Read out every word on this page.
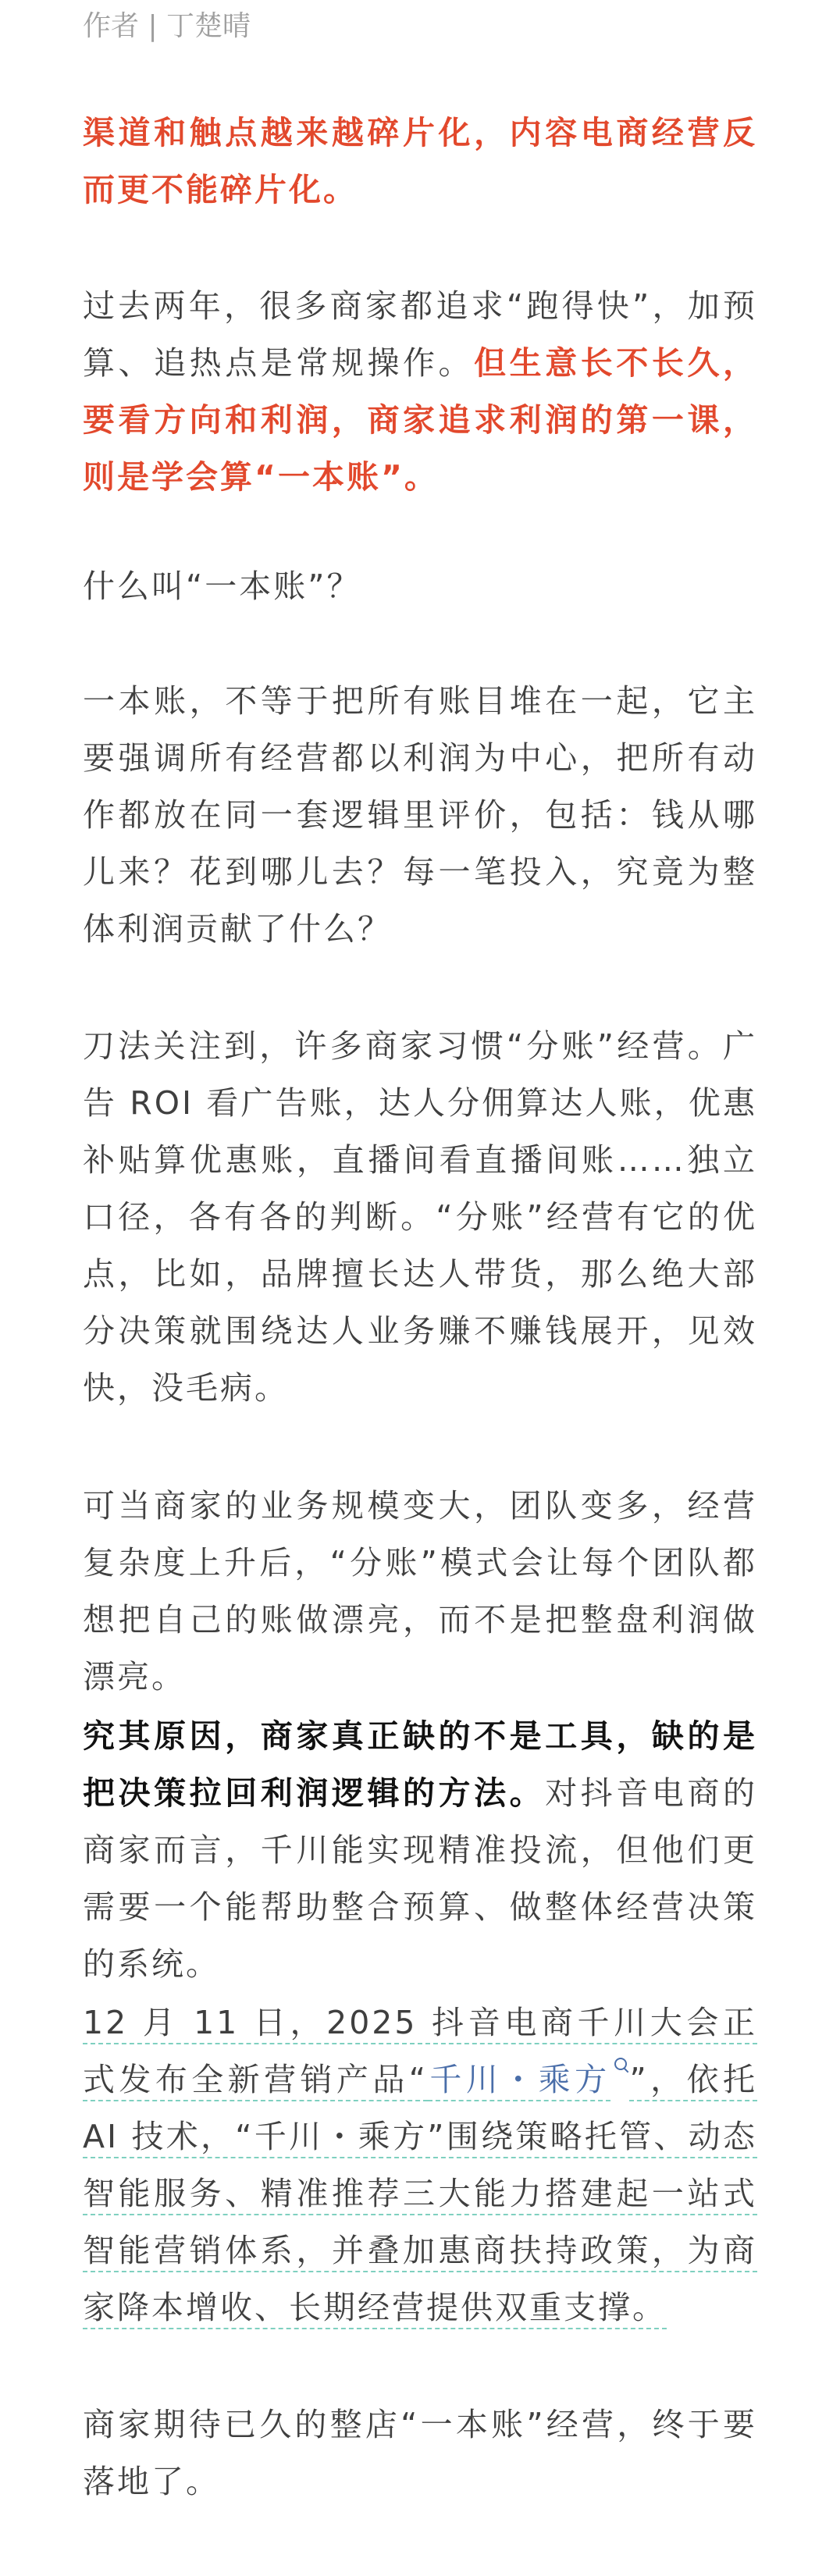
作者 | 丁楚晴

渠道和触点越来越碎片化，内容电商经营反而更不能碎片化。

过去两年，很多商家都追求“跑得快”，加预算、追热点是常规操作。但生意长不长久，要看方向和利润，商家追求利润的第一课，则是学会算“一本账”。

什么叫“一本账”？

一本账，不等于把所有账目堆在一起，它主要强调所有经营都以利润为中心，把所有动作都放在同一套逻辑里评价，包括：钱从哪儿来？花到哪儿去？每一笔投入，究竟为整体利润贡献了什么？

刀法关注到，许多商家习惯“分账”经营。广告 ROI 看广告账，达人分佣算达人账，优惠补贴算优惠账，直播间看直播间账……独立口径，各有各的判断。“分账”经营有它的优点，比如，品牌擅长达人带货，那么绝大部分决策就围绕达人业务赚不赚钱展开，见效快，没毛病。

可当商家的业务规模变大，团队变多，经营复杂度上升后，“分账”模式会让每个团队都想把自己的账做漂亮，而不是把整盘利润做漂亮。

究其原因，商家真正缺的不是工具，缺的是把决策拉回利润逻辑的方法。对抖音电商的商家而言，千川能实现精准投流，但他们更需要一个能帮助整合预算、做整体经营决策的系统。

12 月 11 日，2025 抖音电商千川大会正式发布全新营销产品“千川・乘方 ”，依托 AI 技术，“千川・乘方”围绕策略托管、动态智能服务、精准推荐三大能力搭建起一站式智能营销体系，并叠加惠商扶持政策，为商家降本增收、长期经营提供双重支撑。

商家期待已久的整店“一本账”经营，终于要落地了。
